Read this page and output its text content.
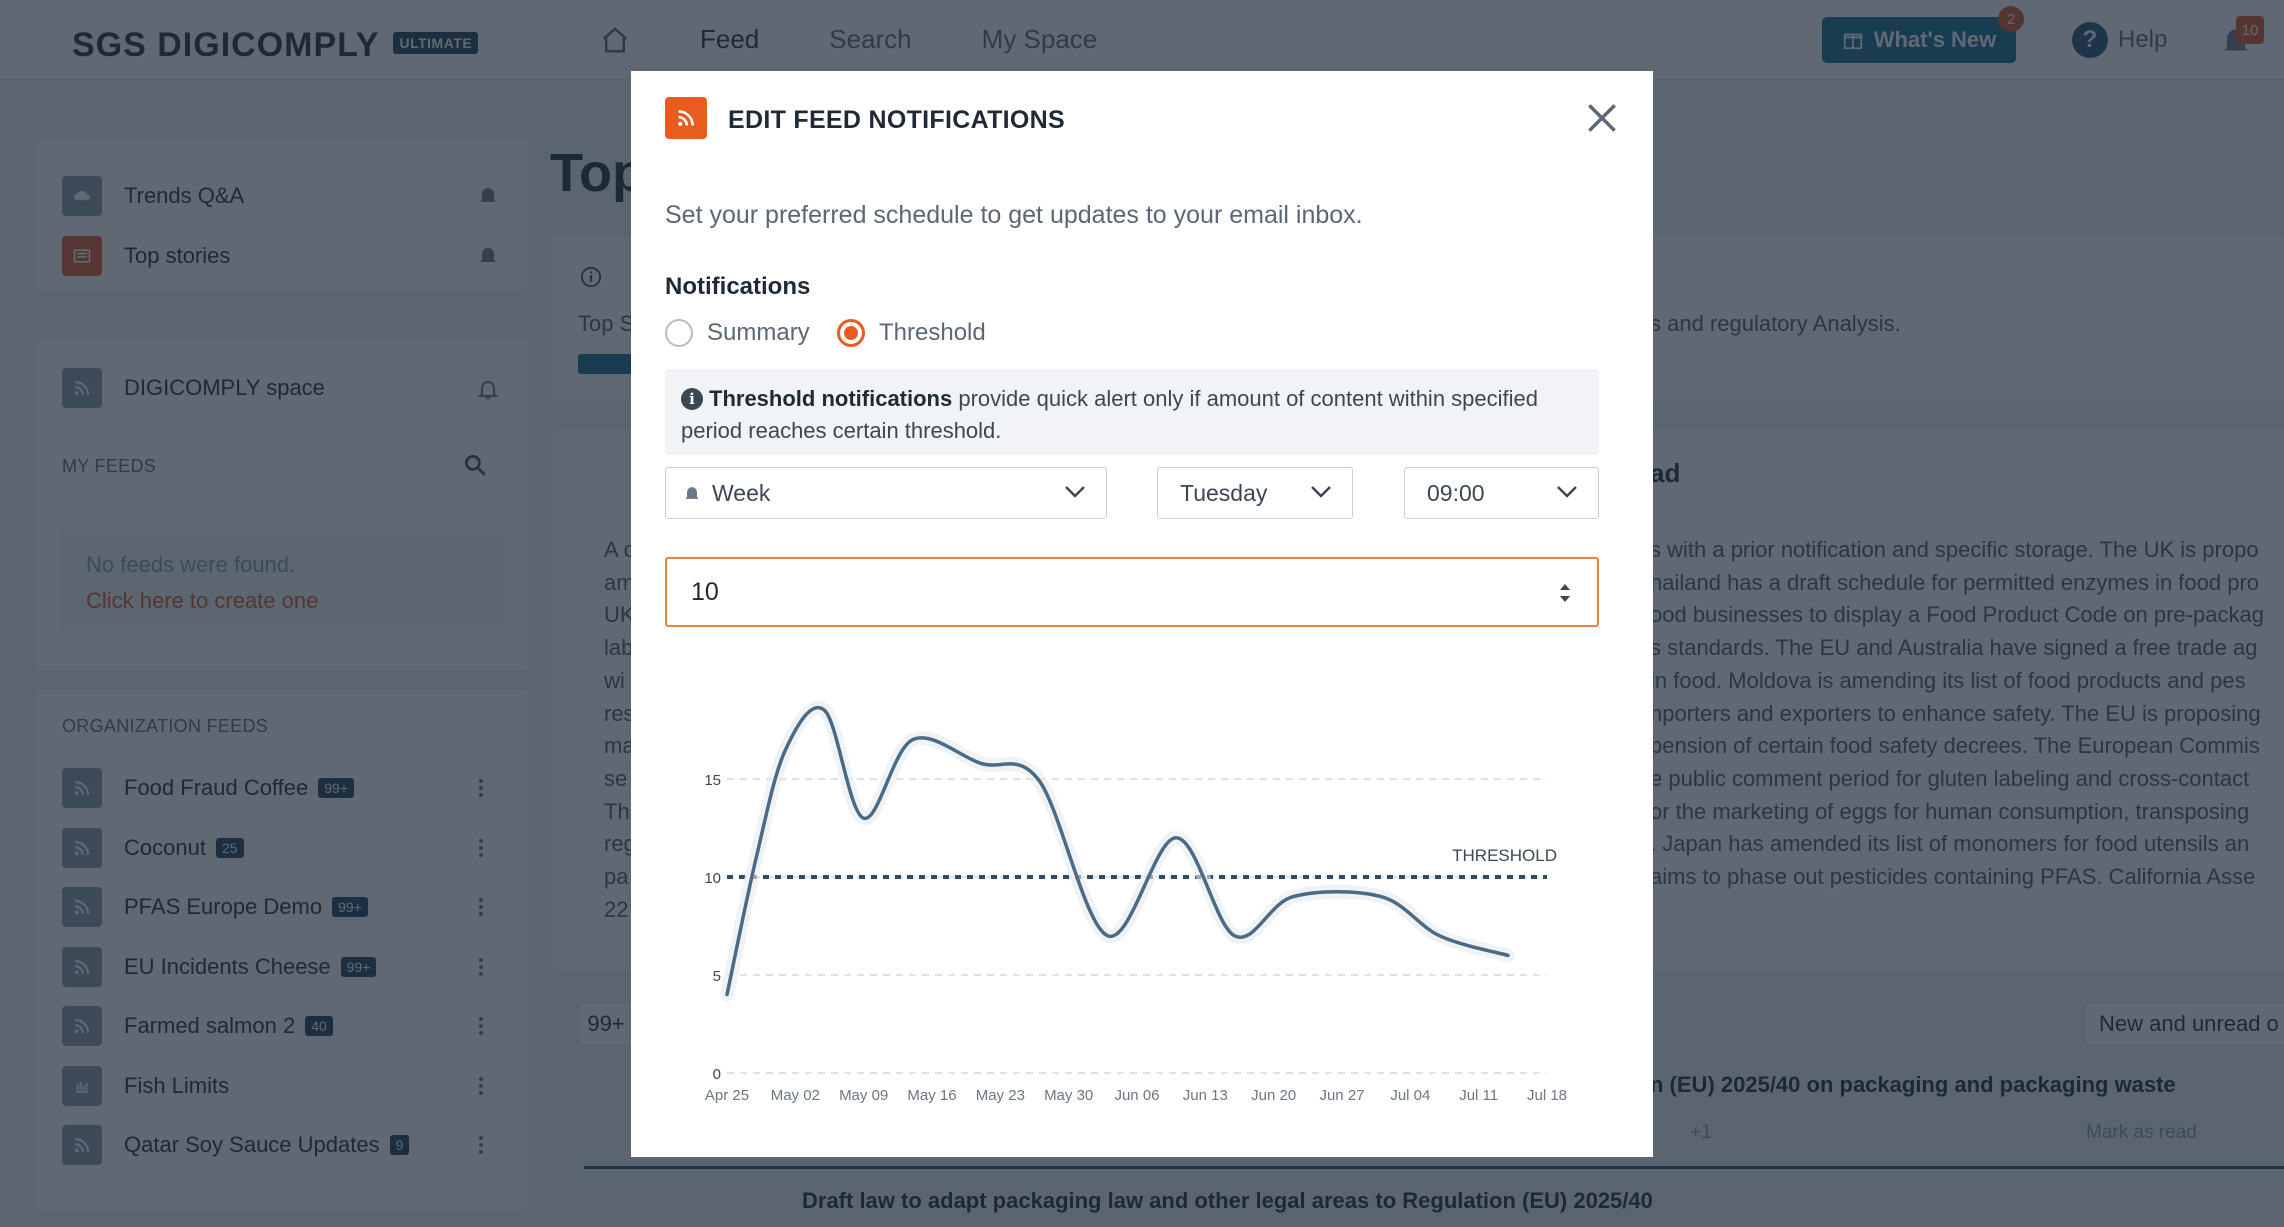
EDIT FEED NOTIFICATIONS
Set your preferred schedule to get updates to your email inbox.
Notifications
Summary	Threshold
i Threshold notifications provide quick alert only if amount of content within specified period reaches certain threshold.
Week	Tuesday	09:00
10
0
5
10
15
Apr 25 May 02 May 09 May 16 May 23 May 30 Jun 06 Jun 13 Jun 20 Jun 27 Jul 04 Jul 11 Jul 18
THRESHOLD
